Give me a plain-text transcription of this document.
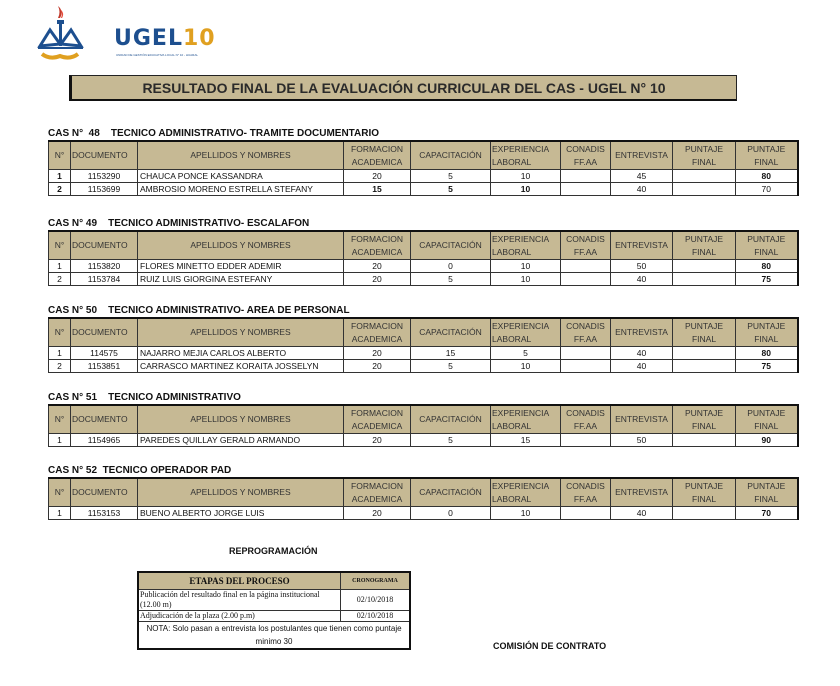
UGEL10
UNIDAD DE GESTIÓN EDUCATIVA LOCAL N° 10 - HUARAL
RESULTADO FINAL DE LA EVALUACIÓN CURRICULAR DEL CAS - UGEL N° 10
CAS N°  48    TECNICO ADMINISTRATIVO- TRAMITE DOCUMENTARIO
N°	DOCUMENTO	APELLIDOS Y NOMBRES	FORMACION ACADEMICA	CAPACITACIÓN	EXPERIENCIA LABORAL	CONADIS FF.AA	ENTREVISTA	PUNTAJE FINAL	PUNTAJE FINAL
1	1153290	CHAUCA PONCE KASSANDRA	20	5	10		45		80
2	1153699	AMBROSIO MORENO ESTRELLA STEFANY	15	5	10		40		70
CAS N° 49    TECNICO ADMINISTRATIVO- ESCALAFON
N°	DOCUMENTO	APELLIDOS Y NOMBRES	FORMACION ACADEMICA	CAPACITACIÓN	EXPERIENCIA LABORAL	CONADIS FF.AA	ENTREVISTA	PUNTAJE FINAL	PUNTAJE FINAL
1	1153820	FLORES MINETTO EDDER ADEMIR	20	0	10		50		80
2	1153784	RUIZ LUIS GIORGINA ESTEFANY	20	5	10		40		75
CAS N° 50    TECNICO ADMINISTRATIVO- AREA DE PERSONAL
N°	DOCUMENTO	APELLIDOS Y NOMBRES	FORMACION ACADEMICA	CAPACITACIÓN	EXPERIENCIA LABORAL	CONADIS FF.AA	ENTREVISTA	PUNTAJE FINAL	PUNTAJE FINAL
1	114575	NAJARRO MEJIA CARLOS ALBERTO	20	15	5		40		80
2	1153851	CARRASCO MARTINEZ KORAITA JOSSELYN	20	5	10		40		75
CAS N° 51    TECNICO ADMINISTRATIVO
N°	DOCUMENTO	APELLIDOS Y NOMBRES	FORMACION ACADEMICA	CAPACITACIÓN	EXPERIENCIA LABORAL	CONADIS FF.AA	ENTREVISTA	PUNTAJE FINAL	PUNTAJE FINAL
1	1154965	PAREDES QUILLAY GERALD ARMANDO	20	5	15		50		90
CAS N° 52  TECNICO OPERADOR PAD
N°	DOCUMENTO	APELLIDOS Y NOMBRES	FORMACION ACADEMICA	CAPACITACIÓN	EXPERIENCIA LABORAL	CONADIS FF.AA	ENTREVISTA	PUNTAJE FINAL	PUNTAJE FINAL
1	1153153	BUENO ALBERTO JORGE LUIS	20	0	10		40		70
REPROGRAMACIÓN
ETAPAS DEL PROCESO	CRONOGRAMA
Publicación del resultado final en la página institucional (12.00 m)	02/10/2018
Adjudicación de la plaza (2.00 p.m)	02/10/2018
NOTA: Solo pasan a entrevista los postulantes que tienen como puntaje minimo 30		COMISIÓN DE CONTRATO
